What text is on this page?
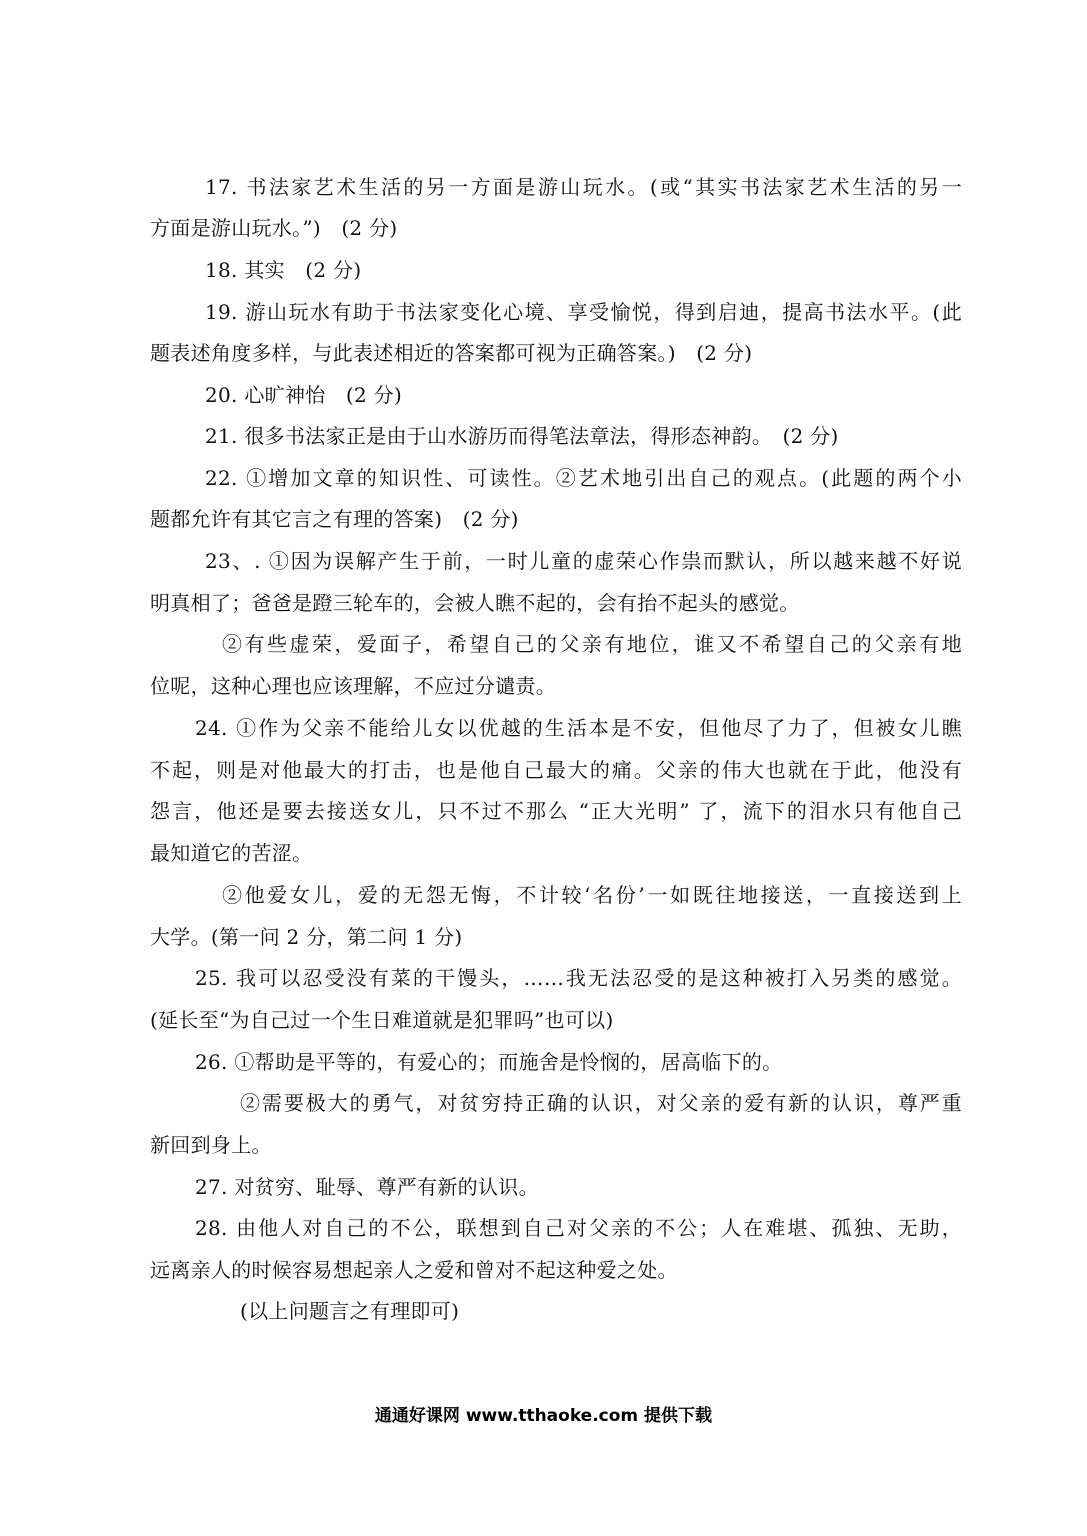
17. 书法家艺术生活的另一方面是游山玩水。(或“其实书法家艺术生活的另一
方面是游山玩水。”)　(2 分)
18. 其实　(2 分)
19. 游山玩水有助于书法家变化心境、享受愉悦，得到启迪，提高书法水平。(此
题表述角度多样，与此表述相近的答案都可视为正确答案。)　(2 分)
20. 心旷神怡　(2 分)
21. 很多书法家正是由于山水游历而得笔法章法，得形态神韵。　(2 分)
22. ①增加文章的知识性、可读性。②艺术地引出自己的观点。(此题的两个小
题都允许有其它言之有理的答案)　(2 分)
23、. ①因为误解产生于前，一时儿童的虚荣心作祟而默认，所以越来越不好说
明真相了；爸爸是蹬三轮车的，会被人瞧不起的，会有抬不起头的感觉。
②有些虚荣，爱面子，希望自己的父亲有地位，谁又不希望自己的父亲有地
位呢，这种心理也应该理解，不应过分谴责。
24. ①作为父亲不能给儿女以优越的生活本是不安，但他尽了力了，但被女儿瞧
不起，则是对他最大的打击，也是他自己最大的痛。父亲的伟大也就在于此，他没有
怨言，他还是要去接送女儿，只不过不那么 “正大光明” 了，流下的泪水只有他自己
最知道它的苦涩。
②他爱女儿，爱的无怨无悔，不计较‘名份’一如既往地接送，一直接送到上
大学。(第一问 2 分，第二问 1 分)
25. 我可以忍受没有菜的干馒头，……我无法忍受的是这种被打入另类的感觉。
(延长至“为自己过一个生日难道就是犯罪吗”也可以)
26. ①帮助是平等的，有爱心的；而施舍是怜悯的，居高临下的。
②需要极大的勇气，对贫穷持正确的认识，对父亲的爱有新的认识，尊严重
新回到身上。
27. 对贫穷、耻辱、尊严有新的认识。
28. 由他人对自己的不公，联想到自己对父亲的不公；人在难堪、孤独、无助，
远离亲人的时候容易想起亲人之爱和曾对不起这种爱之处。
(以上问题言之有理即可)
通通好课网 www.tthaoke.com 提供下载
